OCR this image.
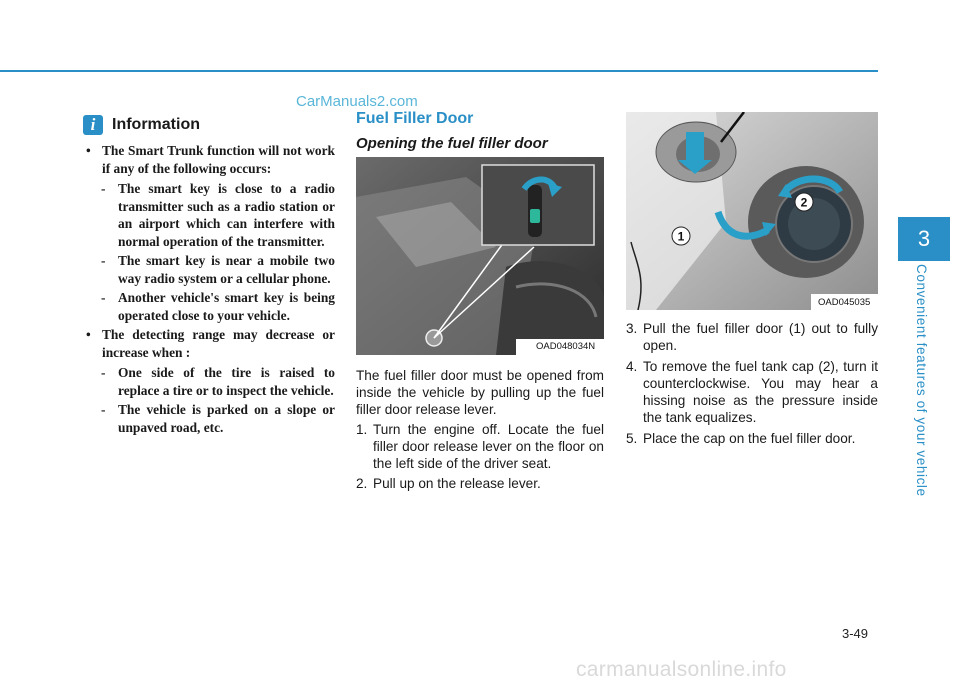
CarManuals2.com
i	Information
• The Smart Trunk function will not work if any of the following occurs:
- The smart key is close to a radio transmitter such as a radio station or an airport which can interfere with normal operation of the transmitter.
- The smart key is near a mobile two way radio system or a cellular phone.
- Another vehicle's smart key is being operated close to your vehicle.
• The detecting range may decrease or increase when :
- One side of the tire is raised to replace a tire or to inspect the vehicle.
- The vehicle is parked on a slope or unpaved road, etc.
Fuel Filler Door
Opening the fuel filler door
OAD048034N
The fuel filler door must be opened from inside the vehicle by pulling up the fuel filler door release lever.
1. Turn the engine off. Locate the fuel filler door release lever on the floor on the left side of the driver seat.
2. Pull up on the release lever.
2
1
OAD045035
3. Pull the fuel filler door (1) out to fully open.
4. To remove the fuel tank cap (2), turn it counterclockwise. You may hear a hissing noise as the pressure inside the tank equalizes.
5. Place the cap on the fuel filler door.
3
Convenient features of your vehicle
3-49
carmanualsonline.info
